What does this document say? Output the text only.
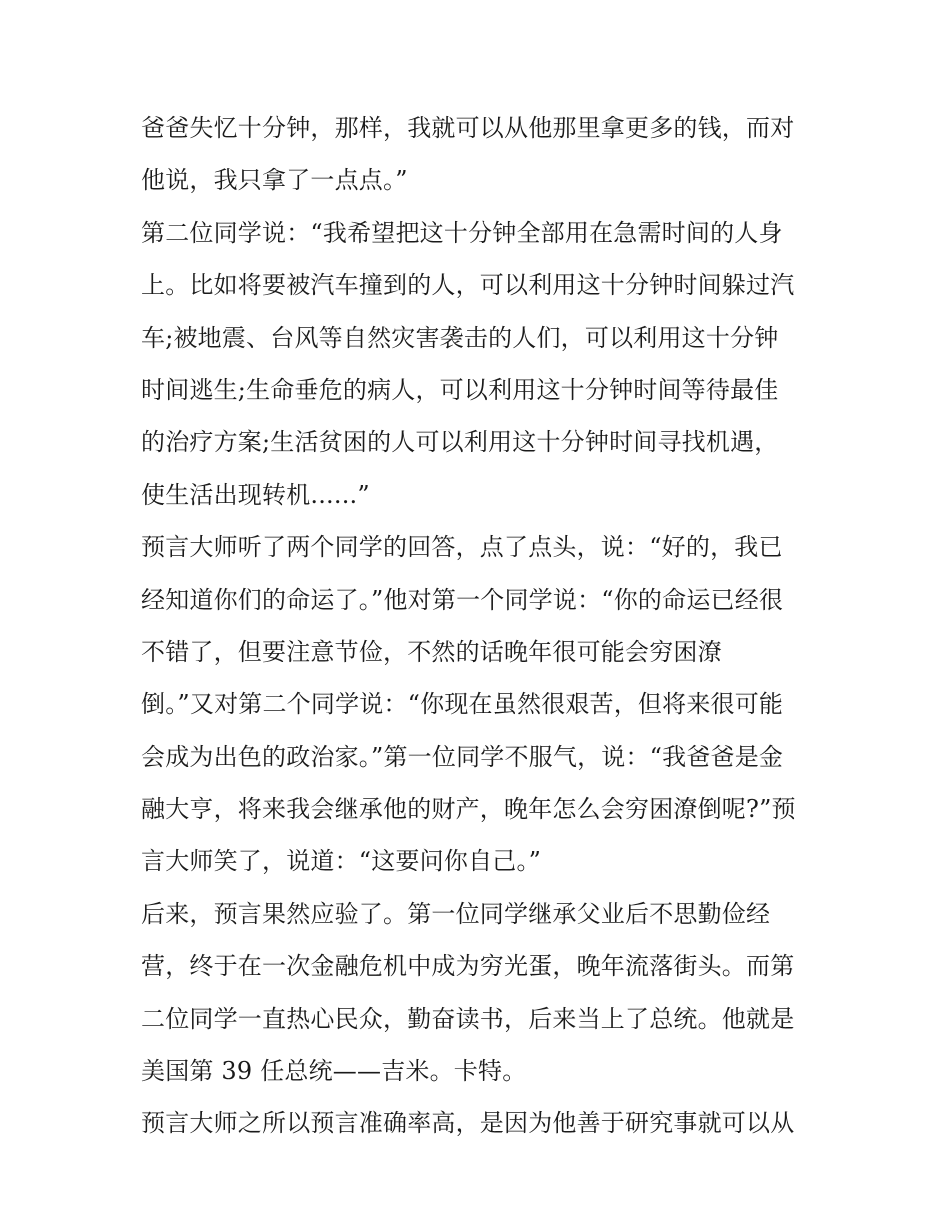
爸爸失忆十分钟，那样，我就可以从他那里拿更多的钱，而对
他说，我只拿了一点点。”
第二位同学说：“我希望把这十分钟全部用在急需时间的人身
上。比如将要被汽车撞到的人，可以利用这十分钟时间躲过汽
车;被地震、台风等自然灾害袭击的人们，可以利用这十分钟
时间逃生;生命垂危的病人，可以利用这十分钟时间等待最佳
的治疗方案;生活贫困的人可以利用这十分钟时间寻找机遇，
使生活出现转机......”
预言大师听了两个同学的回答，点了点头，说：“好的，我已
经知道你们的命运了。”他对第一个同学说：“你的命运已经很
不错了，但要注意节俭，不然的话晚年很可能会穷困潦
倒。”又对第二个同学说：“你现在虽然很艰苦，但将来很可能
会成为出色的政治家。”第一位同学不服气，说：“我爸爸是金
融大亨，将来我会继承他的财产，晚年怎么会穷困潦倒呢?”预
言大师笑了，说道：“这要问你自己。”
后来，预言果然应验了。第一位同学继承父业后不思勤俭经
营，终于在一次金融危机中成为穷光蛋，晚年流落街头。而第
二位同学一直热心民众，勤奋读书，后来当上了总统。他就是
美国第 39 任总统——吉米。卡特。
预言大师之所以预言准确率高，是因为他善于研究事就可以从
